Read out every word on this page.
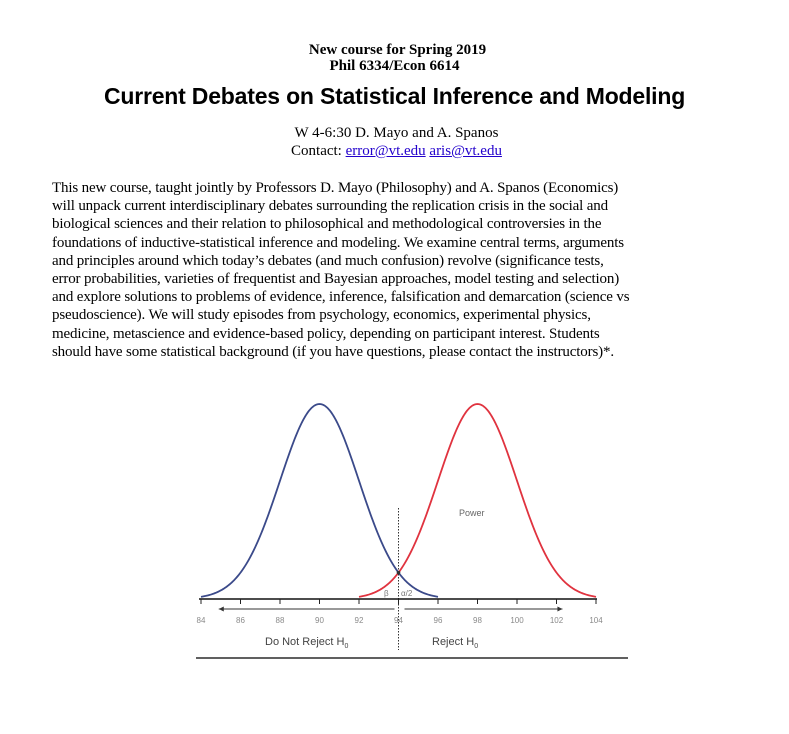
New course for Spring 2019
Phil 6334/Econ 6614
Current Debates on Statistical Inference and Modeling
W 4-6:30 D. Mayo and A. Spanos
Contact: error@vt.edu aris@vt.edu

This new course, taught jointly by Professors D. Mayo (Philosophy) and A. Spanos (Economics)
will unpack current interdisciplinary debates surrounding the replication crisis in the social and
biological sciences and their relation to philosophical and methodological controversies in the
foundations of inductive-statistical inference and modeling. We examine central terms, arguments
and principles around which today’s debates (and much confusion) revolve (significance tests,
error probabilities, varieties of frequentist and Bayesian approaches, model testing and selection)
and explore solutions to problems of evidence, inference, falsification and demarcation (science vs
pseudoscience). We will study episodes from psychology, economics, experimental physics,
medicine, metascience and evidence-based policy, depending on participant interest. Students
should have some statistical background (if you have questions, please contact the instructors)*.

84	86	88	90	92	94	96	98	100	102	104
Power
β α/2
Do Not Reject $H_0$	Reject $H_0$
